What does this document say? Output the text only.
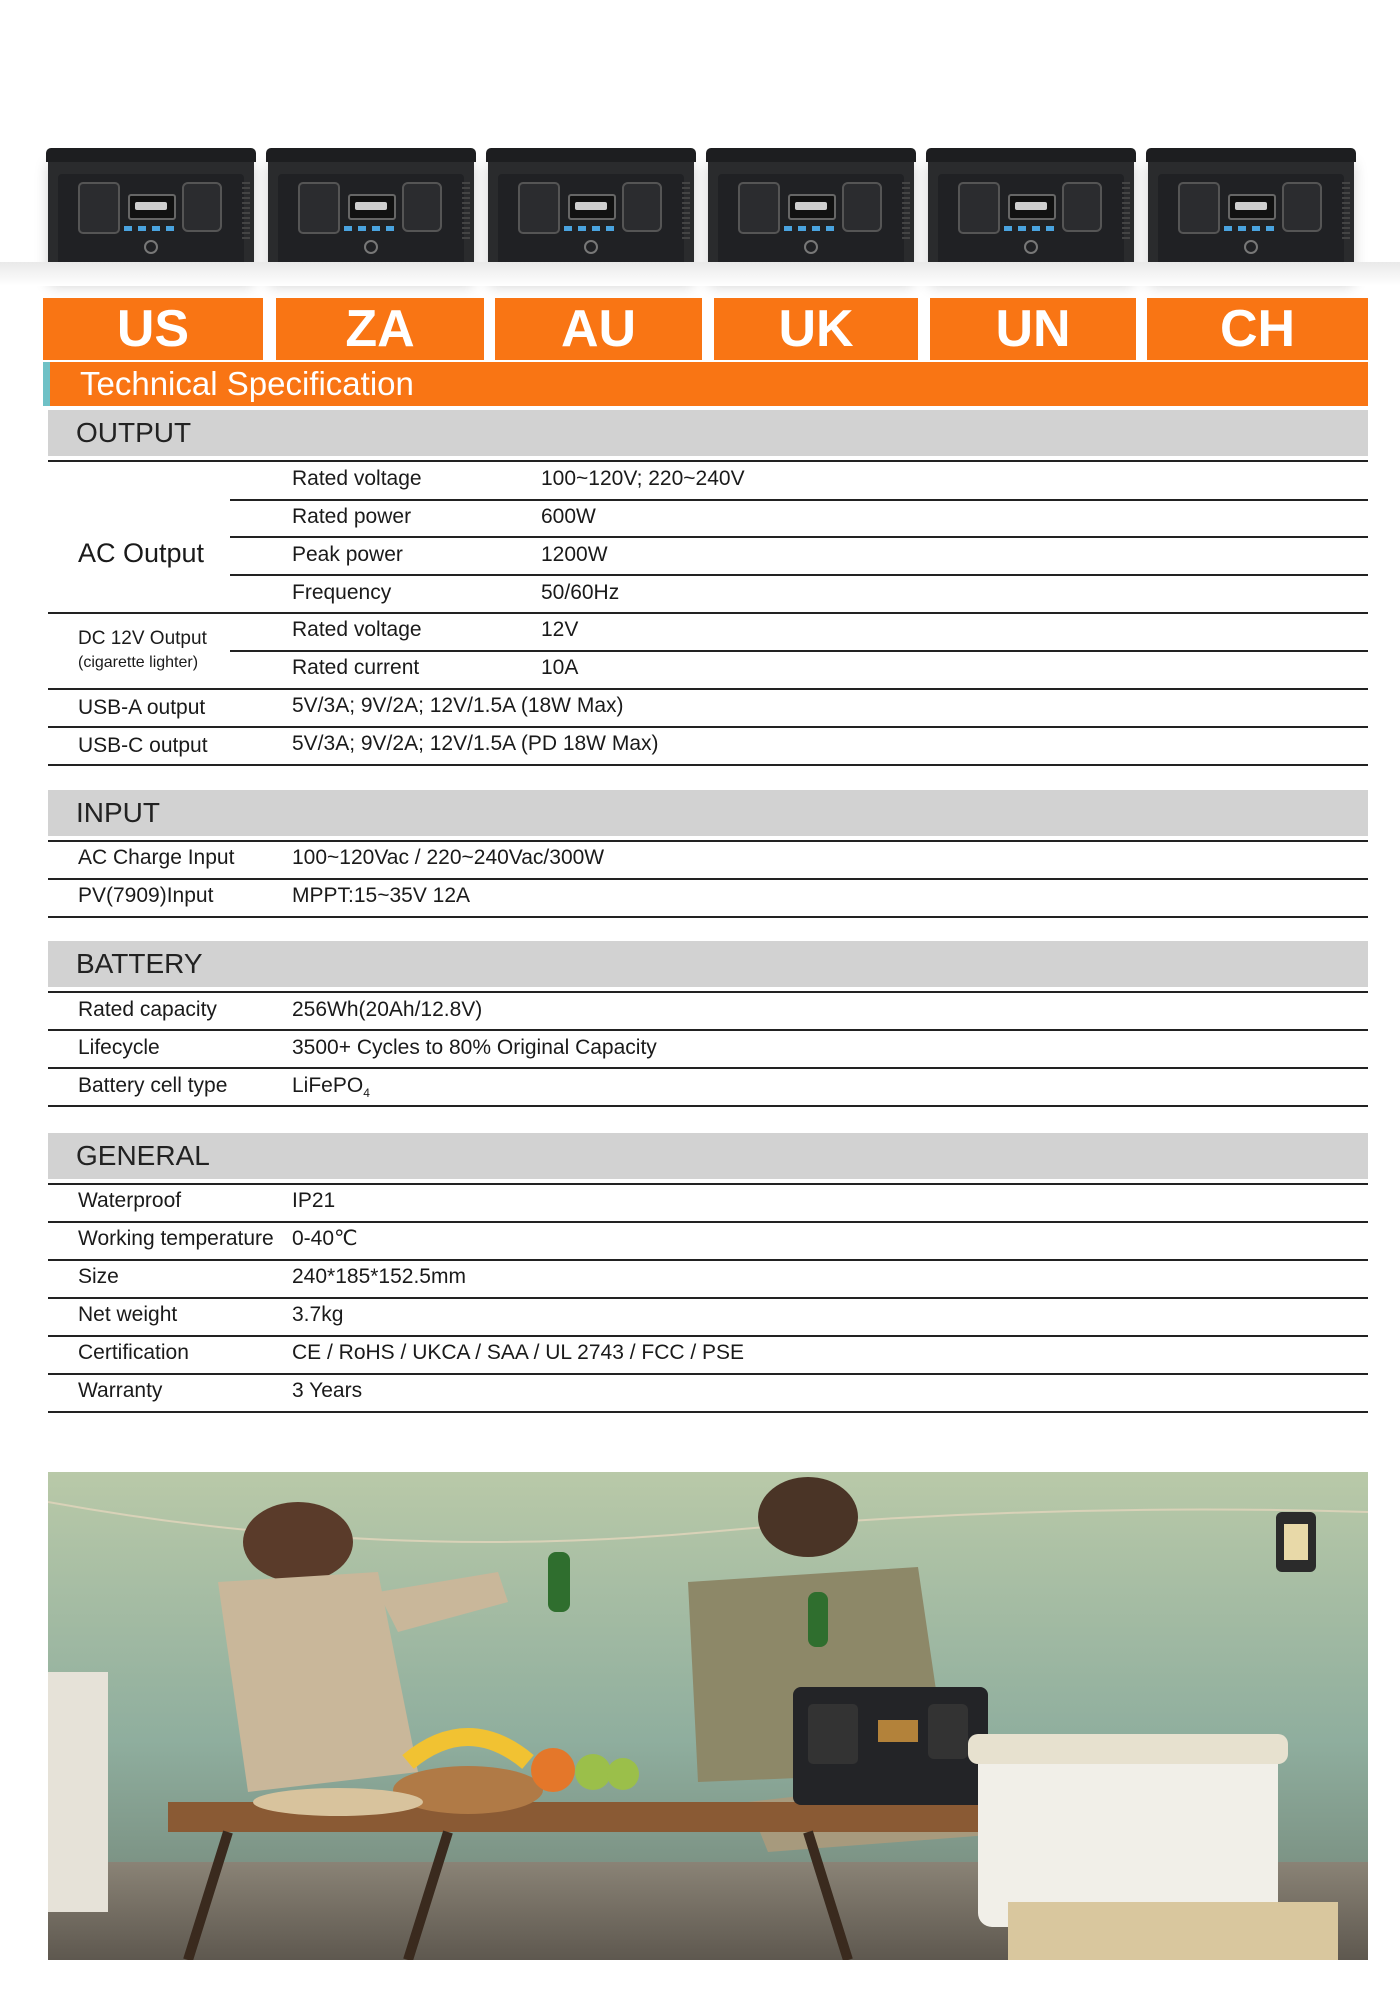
US	ZA	AU	UK	UN	CH
Technical Specification
OUTPUT
AC Output
Rated voltage	100~120V; 220~240V
Rated power	600W
Peak power	1200W
Frequency	50/60Hz
DC 12V Output
(cigarette lighter)
Rated voltage	12V
Rated current	10A
USB-A output	5V/3A; 9V/2A; 12V/1.5A (18W Max)
USB-C output	5V/3A; 9V/2A; 12V/1.5A (PD 18W Max)
INPUT
AC Charge Input	100~120Vac / 220~240Vac/300W
PV(7909)Input	MPPT:15~35V 12A
BATTERY
Rated capacity	256Wh(20Ah/12.8V)
Lifecycle	3500+ Cycles to 80% Original Capacity
Battery cell type	LiFePO$_4$
GENERAL
Waterproof	IP21
Working temperature 0-40℃
Size	240*185*152.5mm
Net weight	3.7kg
Certification	CE / RoHS / UKCA / SAA / UL 2743 / FCC / PSE
Warranty	3 Years
